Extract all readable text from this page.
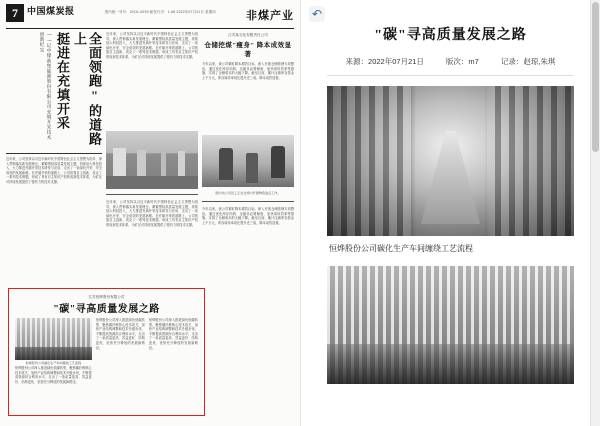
7	中国煤炭报	国内统一刊号：CN11-0039 邮发代号：1-69 2022年07月21日 星期四	非煤产业
全面领跑"的道路上
挺进在充填开采
——记中煤新集能源股份有限公司充填开采技术创新纪实
近年来，公司坚持以习近平新时代中国特色社会主义思想为指导，深入贯彻落实新发展理念，紧紧围绕高质量发展主题，持续加大科技投入，大力推进充填开采技术研发与应用，走出了一条绿色开采、安全高效的发展新路。在充填开采的道路上，公司依靠自主创新，攻克了一系列技术难题，形成了具有自主知识产权的成套技术体系，为矿区可持续发展提供了强有力的技术支撑。
近年来，公司坚持以习近平新时代中国特色社会主义思想为指导，深入贯彻落实新发展理念，紧紧围绕高质量发展主题，持续加大科技投入，大力推进充填开采技术研发与应用，走出了一条绿色开采、安全高效的发展新路。在充填开采的道路上，公司依靠自主创新，攻克了一系列技术难题，形成了具有自主知识产权的成套技术体系，为矿区可持续发展提供了强有力的技术支撑。
近年来，公司坚持以习近平新时代中国特色社会主义思想为指导，深入贯彻落实新发展理念，紧紧围绕高质量发展主题，持续加大科技投入，大力推进充填开采技术研发与应用，走出了一条绿色开采、安全高效的发展新路。在充填开采的道路上，公司依靠自主创新，攻克了一系列技术难题，形成了具有自主知识产权的成套技术体系，为矿区可持续发展提供了强有力的技术支撑。
江苏某石化有限责任公司
仓储挖煤"瘦身" 降本成效显著
今年以来，该公司紧盯降本增效目标，深入开展仓储管理专项整治，通过优化库存结构、压缩非必要储备、加快周转效率等措施，实现了仓储成本的大幅下降。截至目前，累计压减库存资金上千万元，库存周转率同比提升近三成，降本成效显著。
图为该公司员工正在仓库内开展物资盘点工作。
今年以来，该公司紧盯降本增效目标，深入开展仓储管理专项整治，通过优化库存结构、压缩非必要储备、加快周转效率等措施，实现了仓储成本的大幅下降。截至目前，累计压减库存资金上千万元，库存周转率同比提升近三成，降本成效显著。
江苏恒烨股份有限公司
"碳"寻高质量发展之路
恒烨股份公司碳化生产车间缠绕工艺流程
恒烨股份公司深入推进绿色低碳转型，聚焦碳纤维核心技术攻关，加快产业结构调整和技术升级步伐，不断提高资源综合利用水平，走出了一条质量更高、效益更好、结构更优、优势充分释放的发展新路径。
恒烨股份公司深入推进绿色低碳转型，聚焦碳纤维核心技术攻关，加快产业结构调整和技术升级步伐，不断提高资源综合利用水平，走出了一条质量更高、效益更好、结构更优、优势充分释放的发展新路径。
恒烨股份公司深入推进绿色低碳转型，聚焦碳纤维核心技术攻关，加快产业结构调整和技术升级步伐，不断提高资源综合利用水平，走出了一条质量更高、效益更好、结构更优、优势充分释放的发展新路径。
↶
"碳"寻高质量发展之路
来源：2022年07月21日	版次：m7	记录：赵琼,朱琪
恒烨股份公司碳化生产车间缠绕工艺流程
